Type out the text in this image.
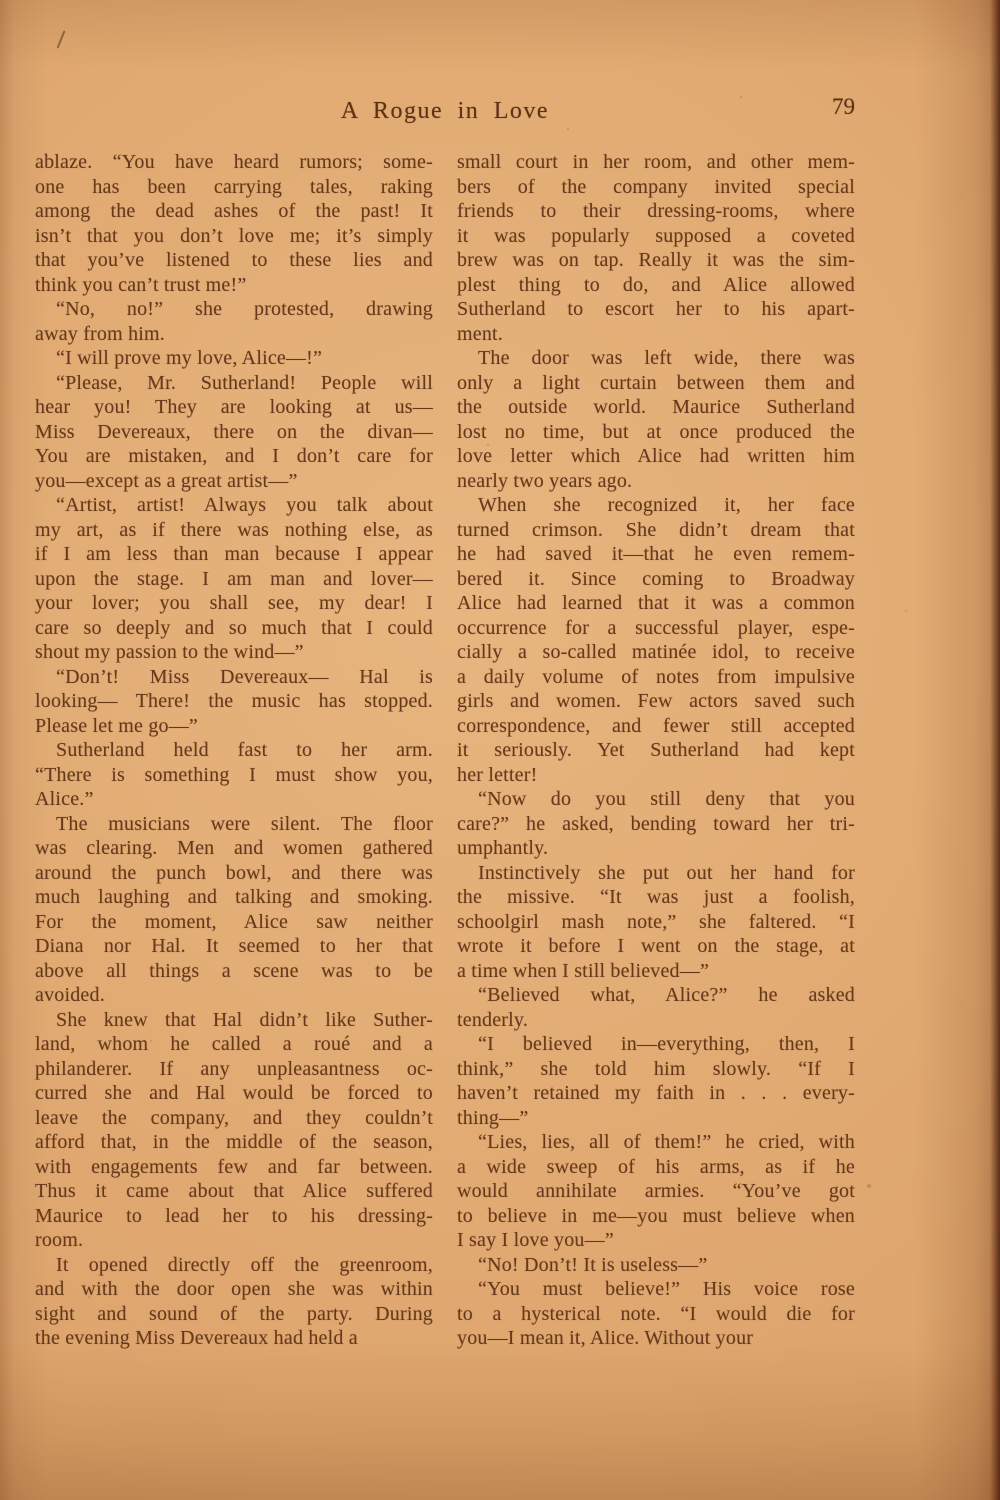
A Rogue in Love	79
ablaze. “You have heard rumors; some-
one has been carrying tales, raking
among the dead ashes of the past! It
isn’t that you don’t love me; it’s simply
that you’ve listened to these lies and
think you can’t trust me!”
“No, no!” she protested, drawing
away from him.
“I will prove my love, Alice—!”
“Please, Mr. Sutherland! People will
hear you! They are looking at us—
Miss Devereaux, there on the divan—
You are mistaken, and I don’t care for
you—except as a great artist—”
“Artist, artist! Always you talk about
my art, as if there was nothing else, as
if I am less than man because I appear
upon the stage. I am man and lover—
your lover; you shall see, my dear! I
care so deeply and so much that I could
shout my passion to the wind—”
“Don’t! Miss Devereaux— Hal is
looking— There! the music has stopped.
Please let me go—”
Sutherland held fast to her arm.
“There is something I must show you,
Alice.”
The musicians were silent. The floor
was clearing. Men and women gathered
around the punch bowl, and there was
much laughing and talking and smoking.
For the moment, Alice saw neither
Diana nor Hal. It seemed to her that
above all things a scene was to be
avoided.
She knew that Hal didn’t like Suther-
land, whom he called a roué and a
philanderer. If any unpleasantness oc-
curred she and Hal would be forced to
leave the company, and they couldn’t
afford that, in the middle of the season,
with engagements few and far between.
Thus it came about that Alice suffered
Maurice to lead her to his dressing-
room.
It opened directly off the greenroom,
and with the door open she was within
sight and sound of the party. During
the evening Miss Devereaux had held a
small court in her room, and other mem-
bers of the company invited special
friends to their dressing-rooms, where
it was popularly supposed a coveted
brew was on tap. Really it was the sim-
plest thing to do, and Alice allowed
Sutherland to escort her to his apart-
ment.
The door was left wide, there was
only a light curtain between them and
the outside world. Maurice Sutherland
lost no time, but at once produced the
love letter which Alice had written him
nearly two years ago.
When she recognized it, her face
turned crimson. She didn’t dream that
he had saved it—that he even remem-
bered it. Since coming to Broadway
Alice had learned that it was a common
occurrence for a successful player, espe-
cially a so-called matinée idol, to receive
a daily volume of notes from impulsive
girls and women. Few actors saved such
correspondence, and fewer still accepted
it seriously. Yet Sutherland had kept
her letter!
“Now do you still deny that you
care?” he asked, bending toward her tri-
umphantly.
Instinctively she put out her hand for
the missive. “It was just a foolish,
schoolgirl mash note,” she faltered. “I
wrote it before I went on the stage, at
a time when I still believed—”
“Believed what, Alice?” he asked
tenderly.
“I believed in—everything, then, I
think,” she told him slowly. “If I
haven’t retained my faith in . . . every-
thing—”
“Lies, lies, all of them!” he cried, with
a wide sweep of his arms, as if he
would annihilate armies. “You’ve got
to believe in me—you must believe when
I say I love you—”
“No! Don’t! It is useless—”
“You must believe!” His voice rose
to a hysterical note. “I would die for
you—I mean it, Alice. Without your
